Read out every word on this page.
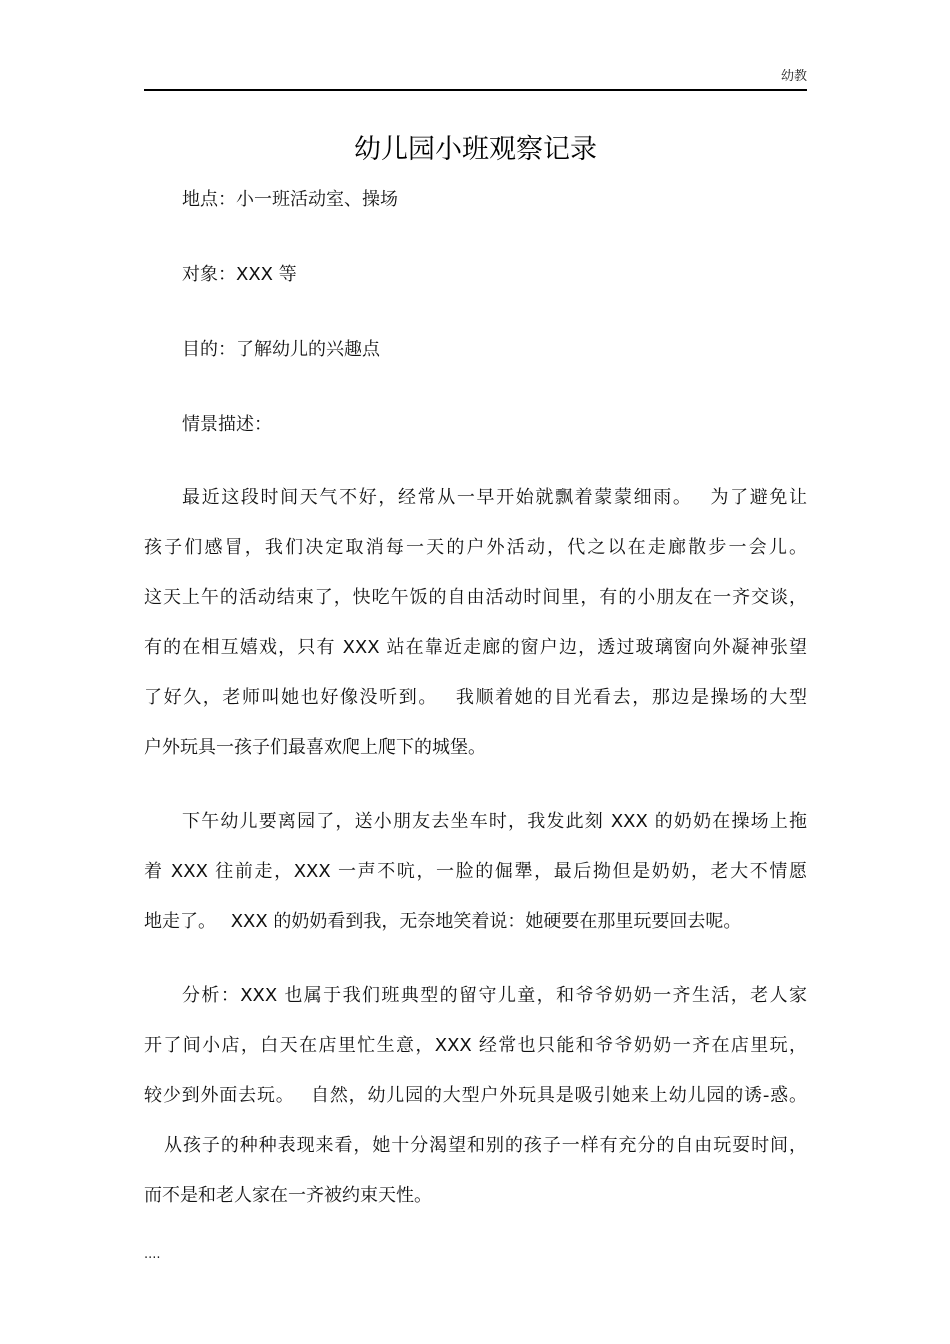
幼教
幼儿园小班观察记录

地点：小一班活动室、操场

对象：XXX 等

目的：了解幼儿的兴趣点

情景描述：

最近这段时间天气不好，经常从一早开始就飘着蒙蒙细雨。　 为了避免让
孩子们感冒，我们决定取消每一天的户外活动，代之以在走廊散步一会儿。
这天上午的活动结束了，快吃午饭的自由活动时间里，有的小朋友在一齐交谈，
有的在相互嬉戏，只有 XXX 站在靠近走廊的窗户边，透过玻璃窗向外凝神张望
了好久，老师叫她也好像没听到。　 我顺着她的目光看去，那边是操场的大型
户外玩具一孩子们最喜欢爬上爬下的城堡。
下午幼儿要离园了，送小朋友去坐车时，我发此刻 XXX 的奶奶在操场上拖
着 XXX 往前走，XXX 一声不吭，一脸的倔犟，最后拗但是奶奶，老大不情愿
地走了。　 XXX 的奶奶看到我，无奈地笑着说：她硬要在那里玩要回去呢。
分析：XXX 也属于我们班典型的留守儿童，和爷爷奶奶一齐生活，老人家
开了间小店，白天在店里忙生意，XXX 经常也只能和爷爷奶奶一齐在店里玩，
较少到外面去玩。　 自然，幼儿园的大型户外玩具是吸引她来上幼儿园的诱-惑。
从孩子的种种表现来看，她十分渴望和别的孩子一样有充分的自由玩耍时间，
而不是和老人家在一齐被约束天性。
....
